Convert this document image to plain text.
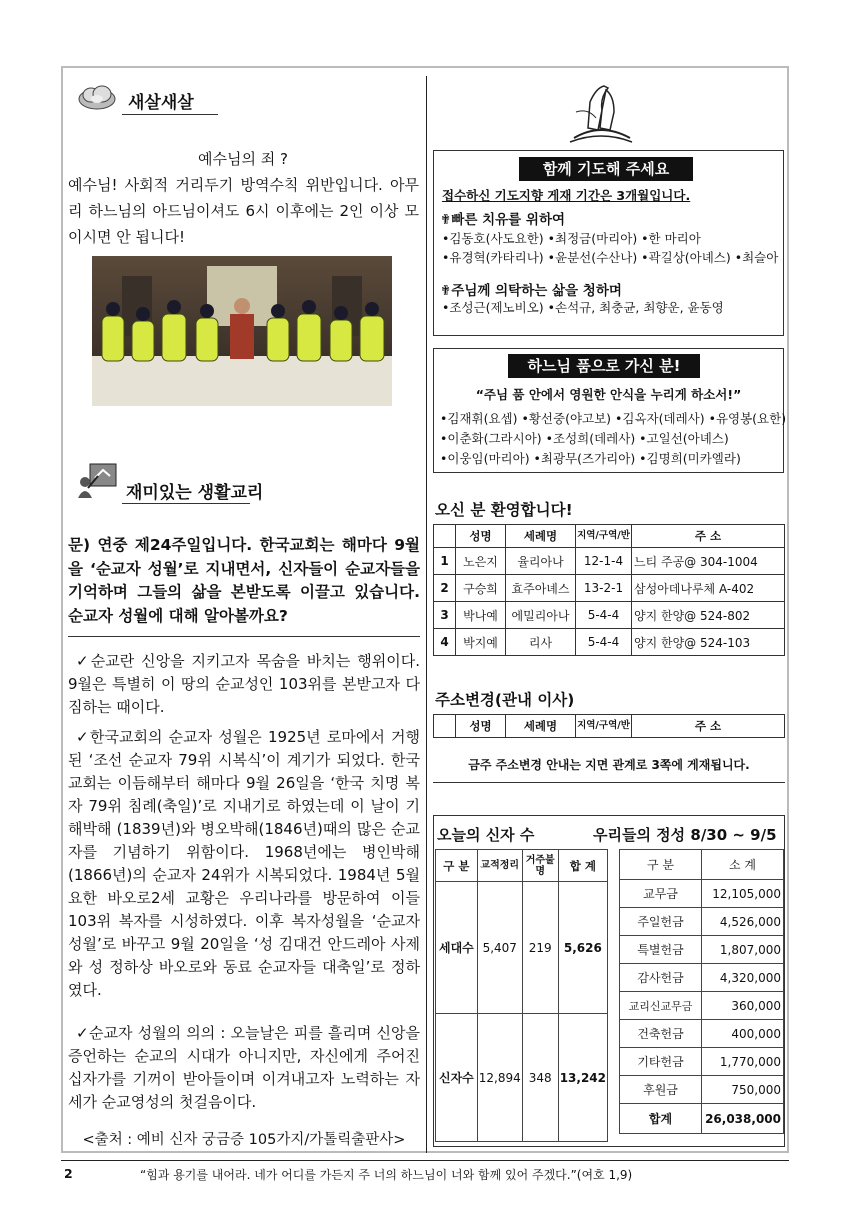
새살새살
예수님의 죄 ?
예수님! 사회적 거리두기 방역수칙 위반입니다. 아무리 하느님의 아드님이셔도 6시 이후에는 2인 이상 모이시면 안 됩니다!
재미있는 생활교리
문) 연중 제24주일입니다. 한국교회는 해마다 9월을 ‘순교자 성월’로 지내면서, 신자들이 순교자들을 기억하며 그들의 삶을 본받도록 이끌고 있습니다. 순교자 성월에 대해 알아볼까요?
✓순교란 신앙을 지키고자 목숨을 바치는 행위이다. 9월은 특별히 이 땅의 순교성인 103위를 본받고자 다짐하는 때이다.
✓한국교회의 순교자 성월은 1925년 로마에서 거행된 ‘조선 순교자 79위 시복식’이 계기가 되었다. 한국교회는 이듬해부터 해마다 9월 26일을 ‘한국 치명 복자 79위 침례(축일)’로 지내기로 하였는데 이 날이 기해박해 (1839년)와 병오박해(1846년)때의 많은 순교자를 기념하기 위함이다. 1968년에는 병인박해(1866년)의 순교자 24위가 시복되었다. 1984년 5월 요한 바오로2세 교황은 우리나라를 방문하여 이들 103위 복자를 시성하였다. 이후 복자성월을 ‘순교자 성월’로 바꾸고 9월 20일을 ‘성 김대건 안드레아 사제와 성 정하상 바오로와 동료 순교자들 대축일’로 정하였다.
✓순교자 성월의 의의 : 오늘날은 피를 흘리며 신앙을 증언하는 순교의 시대가 아니지만, 자신에게 주어진 십자가를 기꺼이 받아들이며 이겨내고자 노력하는 자세가 순교영성의 첫걸음이다.
<출처 : 예비 신자 궁금증 105가지/가톨릭출판사>
함께 기도해 주세요
접수하신 기도지향 게재 기간은 3개월입니다.
✟빠른 치유를 위하여
•김동호(사도요한) •최정금(마리아) •한 마리아
•유경혁(카타리나) •윤분선(수산나) •곽길상(아녜스) •최슬아
✟주님께 의탁하는 삶을 청하며
•조성근(제노비오) •손석규, 최충균, 최향운, 윤동영
하느님 품으로 가신 분!
“주님 품 안에서 영원한 안식을 누리게 하소서!”
•김재휘(요셉) •황선중(야고보) •김옥자(데레사) •유영봉(요한)
•이춘화(그라시아) •조성희(데레사) •고일선(아녜스)
•이웅임(마리아) •최광무(즈가리아) •김명희(미카엘라)
오신 분 환영합니다!
	성명	세례명	지역/구역/반	주 소
1	노은지	율리아나	12-1-4	느티 주공@ 304-1004
2	구승희	효주아녜스	13-2-1	삼성아데나루체 A-402
3	박나예	에밀리아나	5-4-4	양지 한양@ 524-802
4	박지예	리사	5-4-4	양지 한양@ 524-103
주소변경(관내 이사)
	성명	세례명	지역/구역/반	주 소
금주 주소변경 안내는 지면 관계로 3쪽에 게재됩니다.
오늘의 신자 수	우리들의 정성 8/30 ~ 9/5
구 분	교적정리	거주불명	합 계
세대수	5,407	219	5,626
신자수	12,894	348	13,242
구 분	소 계
교무금	12,105,000
주일헌금	4,526,000
특별헌금	1,807,000
감사헌금	4,320,000
교리신교무금	360,000
건축헌금	400,000
기타헌금	1,770,000
후원금	750,000
합계	26,038,000
2	“힘과 용기를 내어라. 네가 어디를 가든지 주 너의 하느님이 너와 함께 있어 주겠다.”(여호 1,9)
